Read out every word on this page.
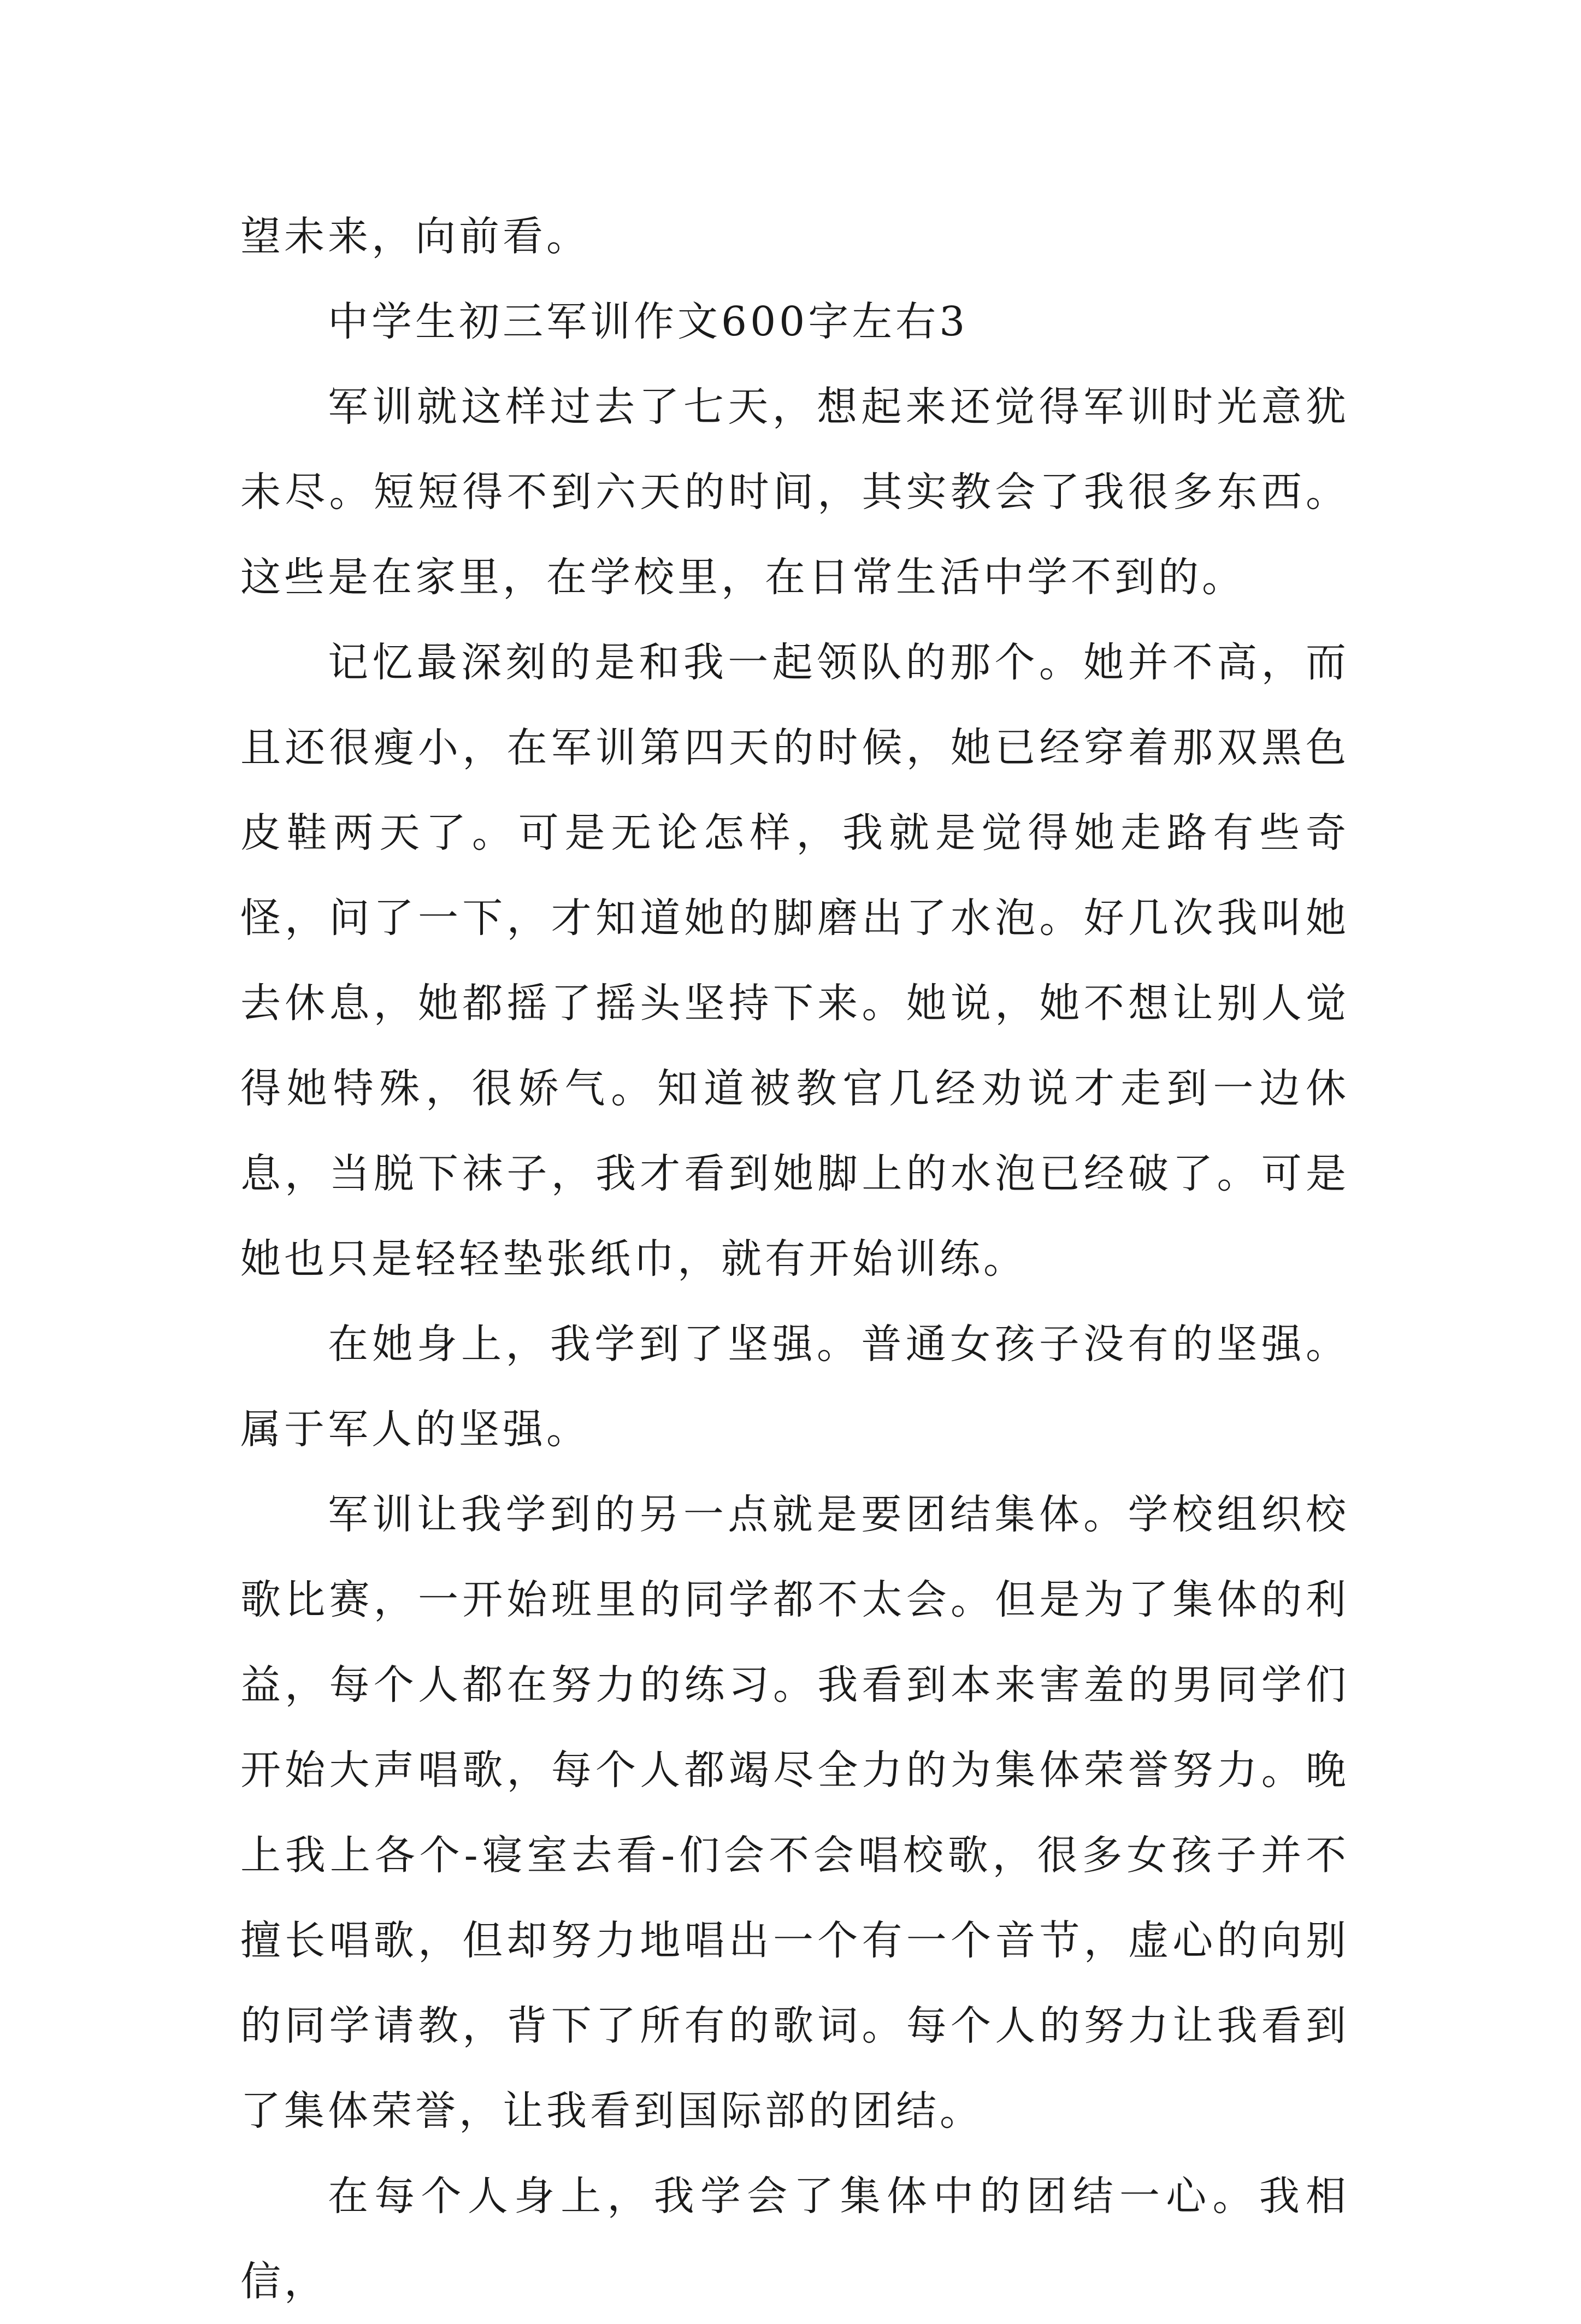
望未来，向前看。

中学生初三军训作文600字左右3

军训就这样过去了七天，想起来还觉得军训时光意犹未尽。短短得不到六天的时间，其实教会了我很多东西。这些是在家里，在学校里，在日常生活中学不到的。

记忆最深刻的是和我一起领队的那个。她并不高，而且还很瘦小，在军训第四天的时候，她已经穿着那双黑色皮鞋两天了。可是无论怎样，我就是觉得她走路有些奇怪，问了一下，才知道她的脚磨出了水泡。好几次我叫她去休息，她都摇了摇头坚持下来。她说，她不想让别人觉得她特殊，很娇气。知道被教官几经劝说才走到一边休息，当脱下袜子，我才看到她脚上的水泡已经破了。可是她也只是轻轻垫张纸巾，就有开始训练。

在她身上，我学到了坚强。普通女孩子没有的坚强。属于军人的坚强。

军训让我学到的另一点就是要团结集体。学校组织校歌比赛，一开始班里的同学都不太会。但是为了集体的利益，每个人都在努力的练习。我看到本来害羞的男同学们开始大声唱歌，每个人都竭尽全力的为集体荣誉努力。晚上我上各个-寝室去看-们会不会唱校歌，很多女孩子并不擅长唱歌，但却努力地唱出一个有一个音节，虚心的向别的同学请教，背下了所有的歌词。每个人的努力让我看到了集体荣誉，让我看到国际部的团结。

在每个人身上，我学会了集体中的团结一心。我相信，
